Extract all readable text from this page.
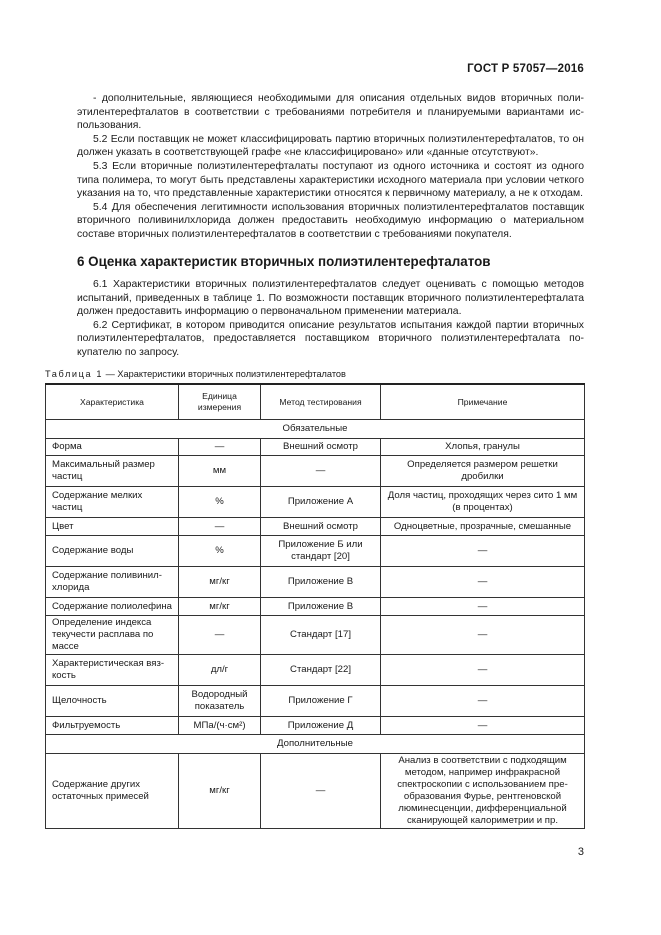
ГОСТ Р 57057—2016

- дополнительные, являющиеся необходимыми для описания отдельных видов вторичных полиэтилентерефталатов в соответствии с требованиями потребителя и планируемыми вариантами использования.

5.2 Если поставщик не может классифицировать партию вторичных полиэтилентерефталатов, то он должен указать в соответствующей графе «не классифицировано» или «данные отсутствуют».

5.3 Если вторичные полиэтилентерефталаты поступают из одного источника и состоят из одного типа полимера, то могут быть представлены характеристики исходного материала при условии четкого указания на то, что представленные характеристики относятся к первичному материалу, а не к отходам.

5.4 Для обеспечения легитимности использования вторичных полиэтилентерефталатов поставщик вторичного поливинилхлорида должен предоставить необходимую информацию о материальном составе вторичных полиэтилентерефталатов в соответствии с требованиями покупателя.

6 Оценка характеристик вторичных полиэтилентерефталатов

6.1 Характеристики вторичных полиэтилентерефталатов следует оценивать с помощью методов испытаний, приведенных в таблице 1. По возможности поставщик вторичного полиэтилентерефталата должен предоставить информацию о первоначальном применении материала.

6.2 Сертификат, в котором приводится описание результатов испытания каждой партии вторичных полиэтилентерефталатов, предоставляется поставщиком вторичного полиэтилентерефталата покупателю по запросу.

Таблица 1 — Характеристики вторичных полиэтилентерефталатов
Характеристика	Единица измерения	Метод тестирования	Примечание
Обязательные			
Форма	—	Внешний осмотр	Хлопья, гранулы
Максимальный размер частиц	мм	—	Определяется размером решетки дробилки
Содержание мелких частиц	%	Приложение А	Доля частиц, проходящих через сито 1 мм (в процентах)
Цвет	—	Внешний осмотр	Одноцветные, прозрачные, смешанные
Содержание воды	%	Приложение Б или стандарт [20]	—
Содержание поливинилхлорида	мг/кг	Приложение В	—
Содержание полиолефина	мг/кг	Приложение В	—
Определение индекса текучести расплава по массе	—	Стандарт [17]	—
Характеристическая вязкость	дл/г	Стандарт [22]	—
Щелочность	Водородный показатель	Приложение Г	—
Фильтруемость	МПа/(ч·см²)	Приложение Д	—
Дополнительные			
Содержание других остаточных примесей	мг/кг	—	Анализ в соответствии с подходящим методом, например инфракрасной спектроскопии с использованием преобразования Фурье, рентгеновской люминесценции, дифференциальной сканирующей калориметрии и пр.
3
